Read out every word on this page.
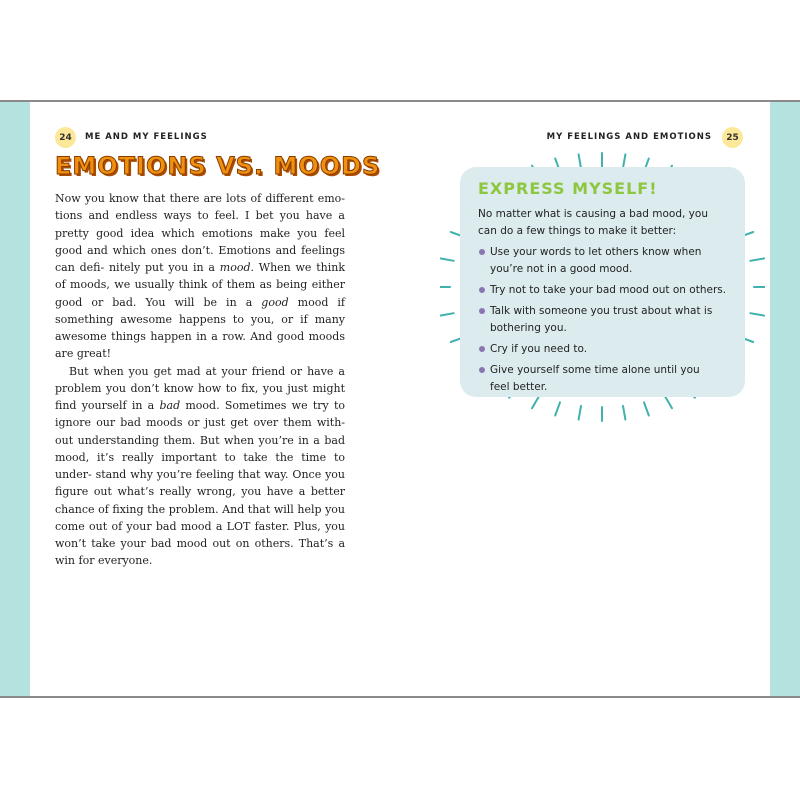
24	ME AND MY FEELINGS	MY FEELINGS AND EMOTIONS	25
EMOTIONS VS. MOODS

Now you know that there are lots of different emo- tions and endless ways to feel. I bet you have a pretty good idea which emotions make you feel good and which ones don’t. Emotions and feelings can defi- nitely put you in a mood. When we think of moods, we usually think of them as being either good or bad. You will be in a good mood if something awesome happens to you, or if many awesome things happen in a row. And good moods are great!

But when you get mad at your friend or have a problem you don’t know how to fix, you just might find yourself in a bad mood. Sometimes we try to ignore our bad moods or just get over them with- out understanding them. But when you’re in a bad mood, it’s really important to take the time to under- stand why you’re feeling that way. Once you figure out what’s really wrong, you have a better chance of fixing the problem. And that will help you come out of your bad mood a LOT faster. Plus, you won’t take your bad mood out on others. That’s a win for everyone.

EXPRESS MYSELF!

No matter what is causing a bad mood, you
can do a few things to make it better:

Use your words to let others know when
you’re not in a good mood.
Try not to take your bad mood out on others.
Talk with someone you trust about what is
bothering you.
Cry if you need to.
Give yourself some time alone until you
feel better.
